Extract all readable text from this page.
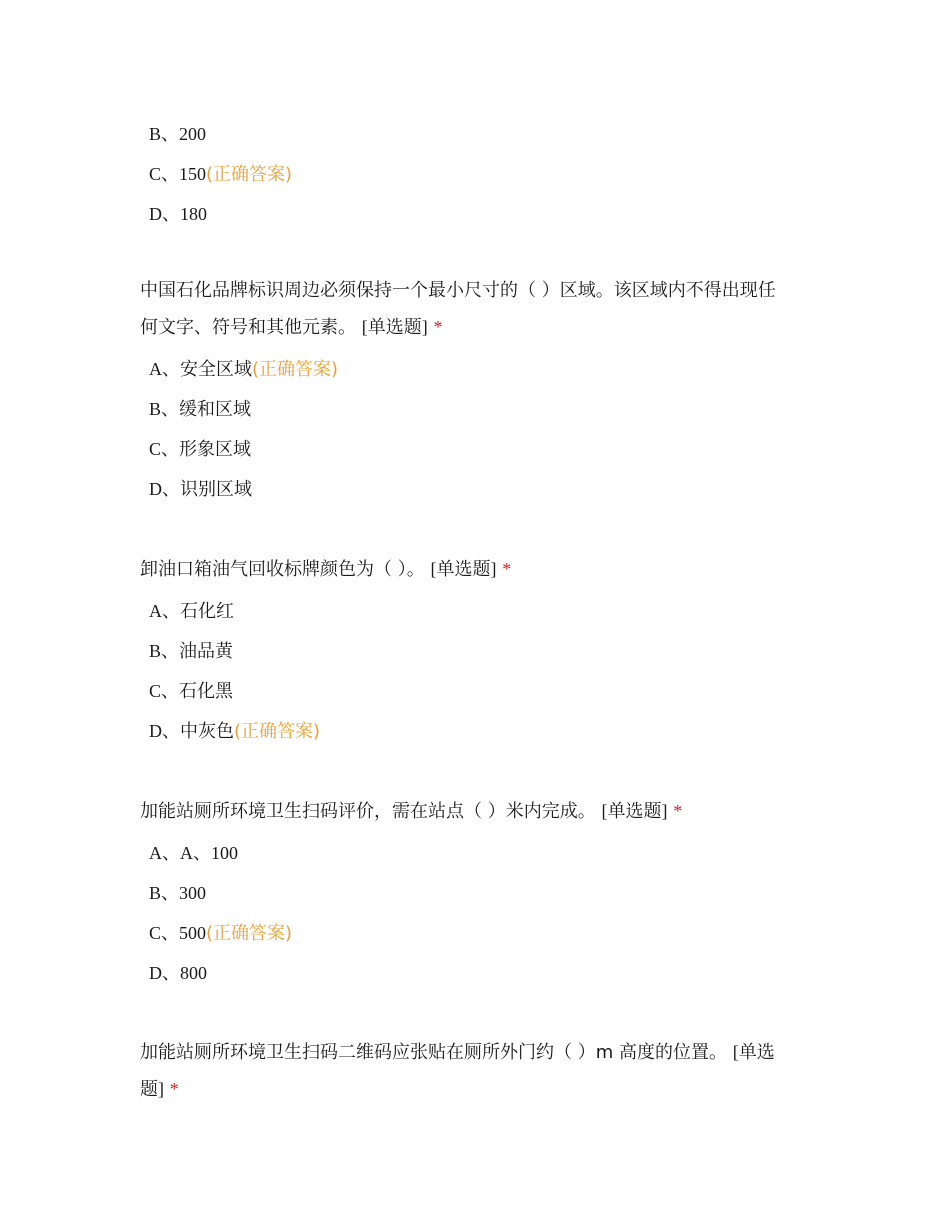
B、200
C、150(正确答案)
D、180

中国石化品牌标识周边必须保持一个最小尺寸的（ ）区域。该区域内不得出现任
何文字、符号和其他元素。 [单选题] *

A、安全区域(正确答案)
B、缓和区域
C、形象区域
D、识别区域

卸油口箱油气回收标牌颜色为（ ）。 [单选题] *

A、石化红
B、油品黄
C、石化黑
D、中灰色(正确答案)

加能站厕所环境卫生扫码评价，需在站点（ ）米内完成。 [单选题] *

A、A、100
B、300
C、500(正确答案)
D、800

加能站厕所环境卫生扫码二维码应张贴在厕所外门约（ ）m 高度的位置。 [单选
题] *
